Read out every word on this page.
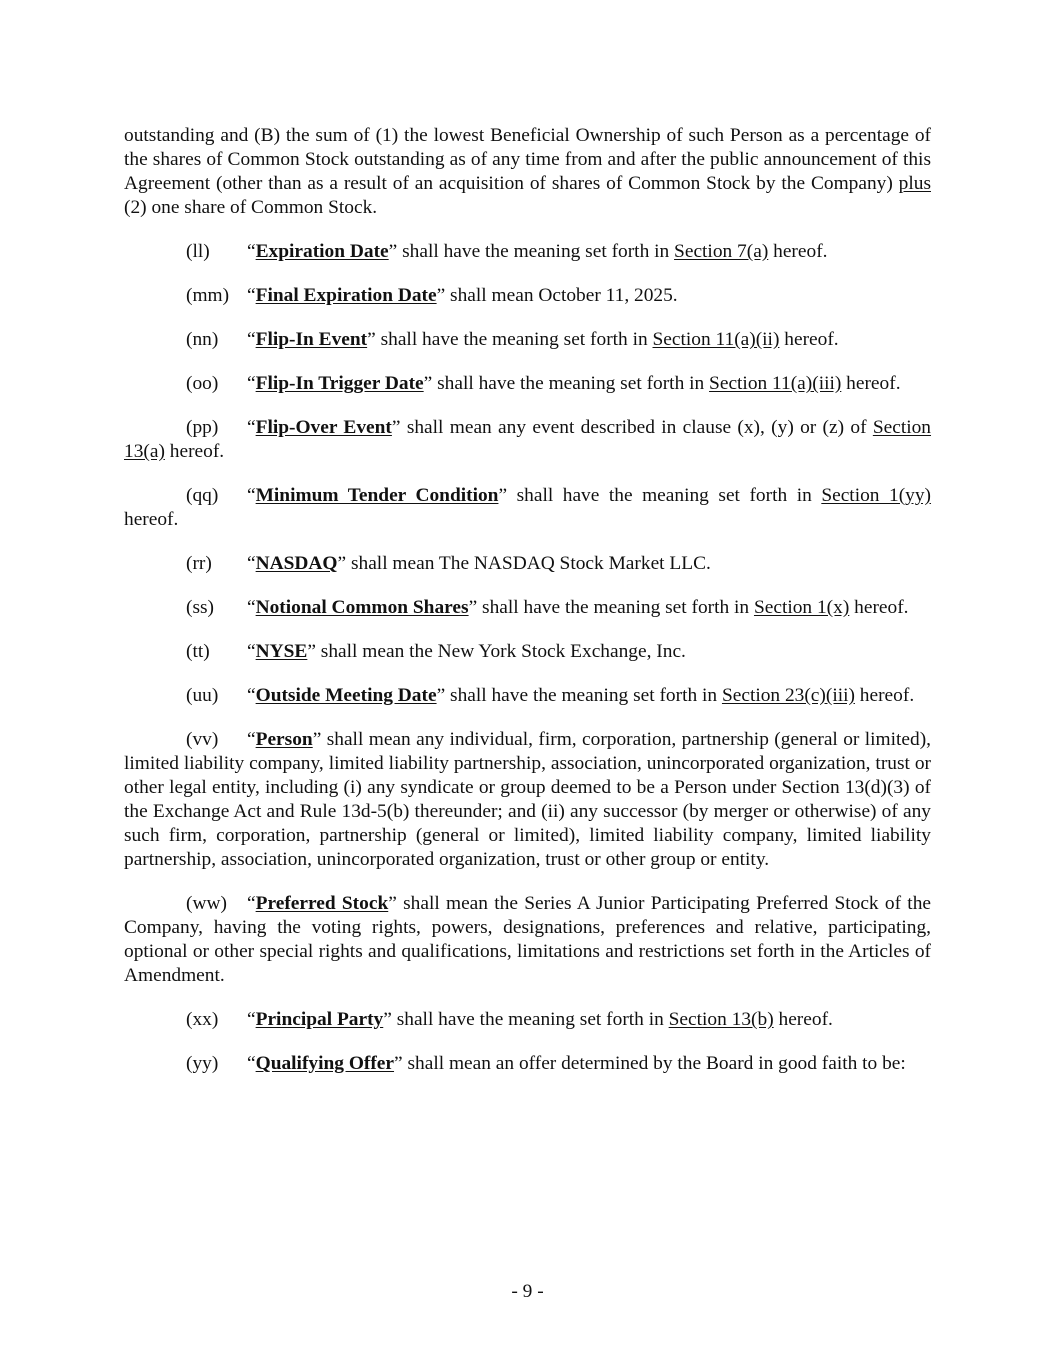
outstanding and (B) the sum of (1) the lowest Beneficial Ownership of such Person as a percentage of the shares of Common Stock outstanding as of any time from and after the public announcement of this Agreement (other than as a result of an acquisition of shares of Common Stock by the Company) plus (2) one share of Common Stock.

(ll) “Expiration Date” shall have the meaning set forth in Section 7(a) hereof.

(mm) “Final Expiration Date” shall mean October 11, 2025.

(nn) “Flip-In Event” shall have the meaning set forth in Section 11(a)(ii) hereof.

(oo) “Flip-In Trigger Date” shall have the meaning set forth in Section 11(a)(iii) hereof.

(pp) “Flip-Over Event” shall mean any event described in clause (x), (y) or (z) of Section 13(a) hereof.

(qq) “Minimum Tender Condition” shall have the meaning set forth in Section 1(yy) hereof.

(rr) “NASDAQ” shall mean The NASDAQ Stock Market LLC.

(ss) “Notional Common Shares” shall have the meaning set forth in Section 1(x) hereof.

(tt) “NYSE” shall mean the New York Stock Exchange, Inc.

(uu) “Outside Meeting Date” shall have the meaning set forth in Section 23(c)(iii) hereof.

(vv) “Person” shall mean any individual, firm, corporation, partnership (general or limited), limited liability company, limited liability partnership, association, unincorporated organization, trust or other legal entity, including (i) any syndicate or group deemed to be a Person under Section 13(d)(3) of the Exchange Act and Rule 13d-5(b) thereunder; and (ii) any successor (by merger or otherwise) of any such firm, corporation, partnership (general or limited), limited liability company, limited liability partnership, association, unincorporated organization, trust or other group or entity.

(ww) “Preferred Stock” shall mean the Series A Junior Participating Preferred Stock of the Company, having the voting rights, powers, designations, preferences and relative, participating, optional or other special rights and qualifications, limitations and restrictions set forth in the Articles of Amendment.

(xx) “Principal Party” shall have the meaning set forth in Section 13(b) hereof.

(yy) “Qualifying Offer” shall mean an offer determined by the Board in good faith to be:

- 9 -
